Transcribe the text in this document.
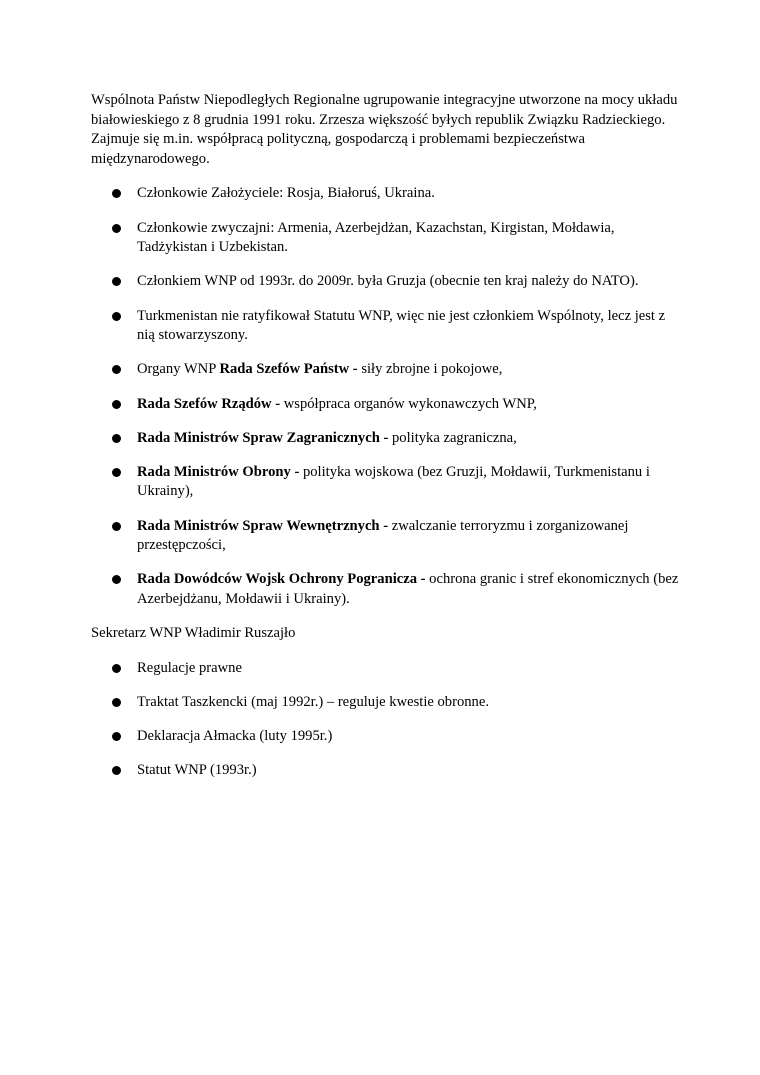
Wspólnota Państw Niepodległych Regionalne ugrupowanie integracyjne utworzone na mocy układu białowieskiego z 8 grudnia 1991 roku. Zrzesza większość byłych republik Związku Radzieckiego. Zajmuje się m.in. współpracą polityczną, gospodarczą i problemami bezpieczeństwa międzynarodowego.

Członkowie Założyciele: Rosja, Białoruś, Ukraina.
Członkowie zwyczajni: Armenia, Azerbejdżan, Kazachstan, Kirgistan, Mołdawia, Tadżykistan i Uzbekistan.
Członkiem WNP od 1993r. do 2009r. była Gruzja (obecnie ten kraj należy do NATO).
Turkmenistan nie ratyfikował Statutu WNP, więc nie jest członkiem Wspólnoty, lecz jest z nią stowarzyszony.
Organy WNP Rada Szefów Państw - siły zbrojne i pokojowe,
Rada Szefów Rządów - współpraca organów wykonawczych WNP,
Rada Ministrów Spraw Zagranicznych - polityka zagraniczna,
Rada Ministrów Obrony - polityka wojskowa (bez Gruzji, Mołdawii, Turkmenistanu i Ukrainy),
Rada Ministrów Spraw Wewnętrznych - zwalczanie terroryzmu i zorganizowanej przestępczości,
Rada Dowódców Wojsk Ochrony Pogranicza - ochrona granic i stref ekonomicznych (bez Azerbejdżanu, Mołdawii i Ukrainy).

Sekretarz WNP Władimir Ruszajło

Regulacje prawne
Traktat Taszkencki (maj 1992r.) – reguluje kwestie obronne.
Deklaracja Ałmacka (luty 1995r.)
Statut WNP (1993r.)
